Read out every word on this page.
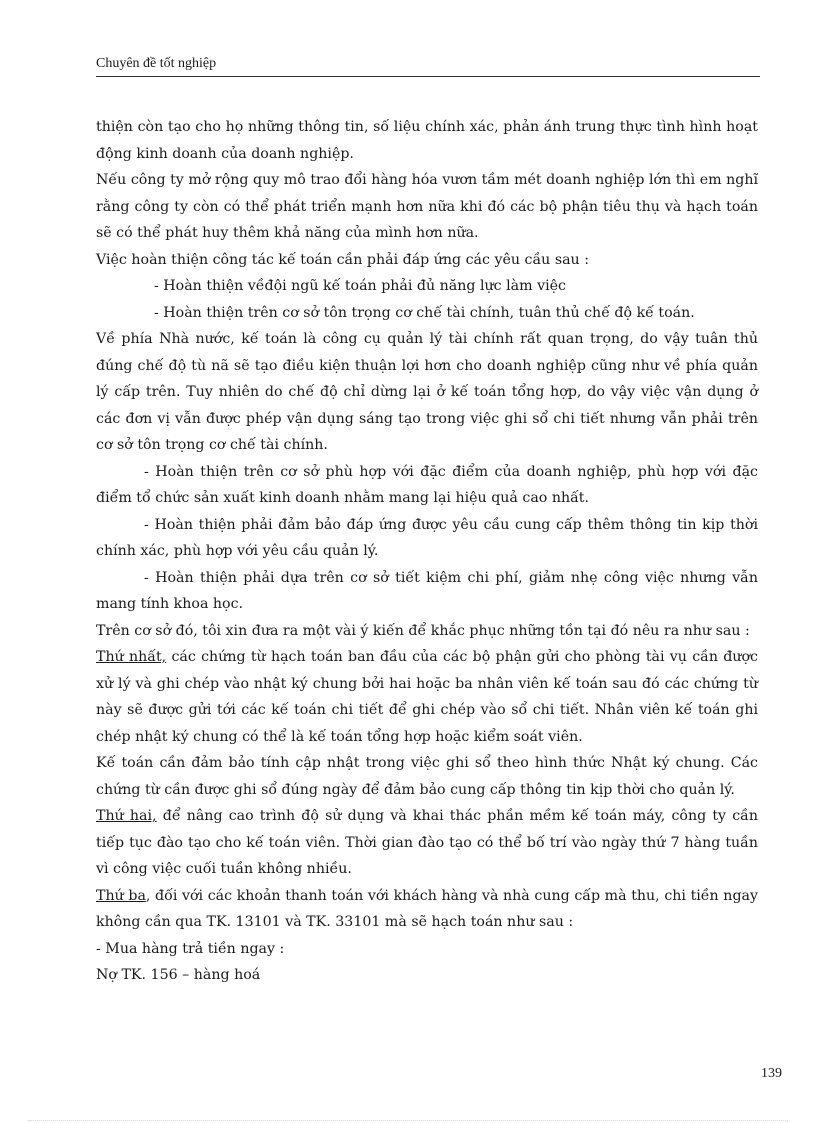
Chuyên đề tốt nghiệp

thiện còn tạo cho họ những thông tin, số liệu chính xác, phản ánh trung thực tình hình hoạt động kinh doanh của doanh nghiệp.

Nếu công ty mở rộng quy mô trao đổi hàng hóa vươn tầm mét doanh nghiệp lớn thì em nghĩ rằng công ty còn có thể phát triển mạnh hơn nữa khi đó các bộ phận tiêu thụ và hạch toán sẽ có thể phát huy thêm khả năng của mình hơn nữa.

Việc hoàn thiện công tác kế toán cần phải đáp ứng các yêu cầu sau :

- Hoàn thiện vềđội ngũ kế toán phải đủ năng lực làm việc

- Hoàn thiện trên cơ sở tôn trọng cơ chế tài chính, tuân thủ chế độ kế toán.

Về phía Nhà nước, kế toán là công cụ quản lý tài chính rất quan trọng, do vậy tuân thủ đúng chế độ tù nã sẽ tạo điều kiện thuận lợi hơn cho doanh nghiệp cũng như về phía quản lý cấp trên. Tuy nhiên do chế độ chỉ dừng lại ở kế toán tổng hợp, do vậy việc vận dụng ở các đơn vị vẫn được phép vận dụng sáng tạo trong việc ghi sổ chi tiết nhưng vẫn phải trên cơ sở tôn trọng cơ chế tài chính.

- Hoàn thiện trên cơ sở phù hợp với đặc điểm của doanh nghiệp, phù hợp với đặc điểm tổ chức sản xuất kinh doanh nhằm mang lại hiệu quả cao nhất.

- Hoàn thiện phải đảm bảo đáp ứng được yêu cầu cung cấp thêm thông tin kịp thời chính xác, phù hợp với yêu cầu quản lý.

- Hoàn thiện phải dựa trên cơ sở tiết kiệm chi phí, giảm nhẹ công việc nhưng vẫn mang tính khoa học.

Trên cơ sở đó, tôi xin đưa ra một vài ý kiến để khắc phục những tồn tại đó nêu ra như sau :

Thứ nhất, các chứng từ hạch toán ban đầu của các bộ phận gửi cho phòng tài vụ cần được xử lý và ghi chép vào nhật ký chung bởi hai hoặc ba nhân viên kế toán sau đó các chứng từ này sẽ được gửi tới các kế toán chi tiết để ghi chép vào sổ chi tiết. Nhân viên kế toán ghi chép nhật ký chung có thể là kế toán tổng hợp hoặc kiểm soát viên.

Kế toán cần đảm bảo tính cập nhật trong việc ghi sổ theo hình thức Nhật ký chung. Các chứng từ cần được ghi sổ đúng ngày để đảm bảo cung cấp thông tin kịp thời cho quản lý.

Thứ hai, để nâng cao trình độ sử dụng và khai thác phần mềm kế toán máy, công ty cần tiếp tục đào tạo cho kế toán viên. Thời gian đào tạo có thể bố trí vào ngày thứ 7 hàng tuần vì công việc cuối tuần không nhiều.

Thứ ba, đối với các khoản thanh toán với khách hàng và nhà cung cấp mà thu, chi tiền ngay không cần qua TK. 13101 và TK. 33101 mà sẽ hạch toán như sau :

- Mua hàng trả tiền ngay :

Nợ TK. 156 – hàng hoá

139
